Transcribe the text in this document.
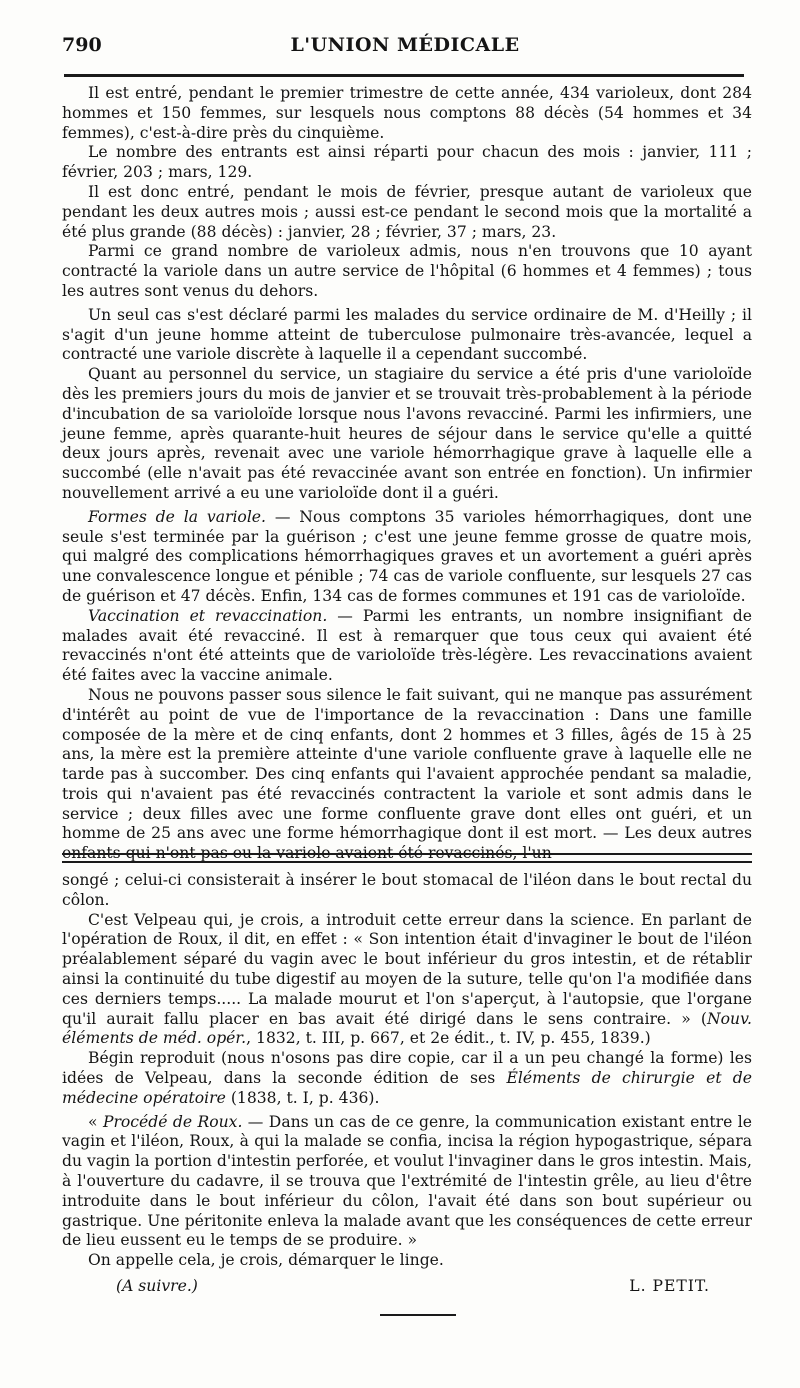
790	L'UNION MÉDICALE

Il est entré, pendant le premier trimestre de cette année, 434 varioleux, dont 284 hommes et 150 femmes, sur lesquels nous comptons 88 décès (54 hommes et 34 femmes), c'est-à-dire près du cinquième.

Le nombre des entrants est ainsi réparti pour chacun des mois : janvier, 111 ; février, 203 ; mars, 129.

Il est donc entré, pendant le mois de février, presque autant de varioleux que pendant les deux autres mois ; aussi est-ce pendant le second mois que la mortalité a été plus grande (88 décès) : janvier, 28 ; février, 37 ; mars, 23.

Parmi ce grand nombre de varioleux admis, nous n'en trouvons que 10 ayant contracté la variole dans un autre service de l'hôpital (6 hommes et 4 femmes) ; tous les autres sont venus du dehors.

Un seul cas s'est déclaré parmi les malades du service ordinaire de M. d'Heilly ; il s'agit d'un jeune homme atteint de tuberculose pulmonaire très-avancée, lequel a contracté une variole discrète à laquelle il a cependant succombé.

Quant au personnel du service, un stagiaire du service a été pris d'une varioloïde dès les premiers jours du mois de janvier et se trouvait très-probablement à la période d'incubation de sa varioloïde lorsque nous l'avons revacciné. Parmi les infirmiers, une jeune femme, après quarante-huit heures de séjour dans le service qu'elle a quitté deux jours après, revenait avec une variole hémorrhagique grave à laquelle elle a succombé (elle n'avait pas été revaccinée avant son entrée en fonction). Un infirmier nouvellement arrivé a eu une varioloïde dont il a guéri.

Formes de la variole. — Nous comptons 35 varioles hémorrhagiques, dont une seule s'est terminée par la guérison ; c'est une jeune femme grosse de quatre mois, qui malgré des complications hémorrhagiques graves et un avortement a guéri après une convalescence longue et pénible ; 74 cas de variole confluente, sur lesquels 27 cas de guérison et 47 décès. Enfin, 134 cas de formes communes et 191 cas de varioloïde.

Vaccination et revaccination. — Parmi les entrants, un nombre insignifiant de malades avait été revacciné. Il est à remarquer que tous ceux qui avaient été revaccinés n'ont été atteints que de varioloïde très-légère. Les revaccinations avaient été faites avec la vaccine animale.

Nous ne pouvons passer sous silence le fait suivant, qui ne manque pas assurément d'intérêt au point de vue de l'importance de la revaccination : Dans une famille composée de la mère et de cinq enfants, dont 2 hommes et 3 filles, âgés de 15 à 25 ans, la mère est la première atteinte d'une variole confluente grave à laquelle elle ne tarde pas à succomber. Des cinq enfants qui l'avaient approchée pendant sa maladie, trois qui n'avaient pas été revaccinés contractent la variole et sont admis dans le service ; deux filles avec une forme confluente grave dont elles ont guéri, et un homme de 25 ans avec une forme hémorrhagique dont il est mort. — Les deux autres enfants qui n'ont pas eu la variole avaient été revaccinés, l'un

songé ; celui-ci consisterait à insérer le bout stomacal de l'iléon dans le bout rectal du côlon.

C'est Velpeau qui, je crois, a introduit cette erreur dans la science. En parlant de l'opération de Roux, il dit, en effet : « Son intention était d'invaginer le bout de l'iléon préalablement séparé du vagin avec le bout inférieur du gros intestin, et de rétablir ainsi la continuité du tube digestif au moyen de la suture, telle qu'on l'a modifiée dans ces derniers temps..... La malade mourut et l'on s'aperçut, à l'autopsie, que l'organe qu'il aurait fallu placer en bas avait été dirigé dans le sens contraire. » (Nouv. éléments de méd. opér., 1832, t. III, p. 667, et 2e édit., t. IV, p. 455, 1839.)

Bégin reproduit (nous n'osons pas dire copie, car il a un peu changé la forme) les idées de Velpeau, dans la seconde édition de ses Éléments de chirurgie et de médecine opératoire (1838, t. I, p. 436).

« Procédé de Roux. — Dans un cas de ce genre, la communication existant entre le vagin et l'iléon, Roux, à qui la malade se confia, incisa la région hypogastrique, sépara du vagin la portion d'intestin perforée, et voulut l'invaginer dans le gros intestin. Mais, à l'ouverture du cadavre, il se trouva que l'extrémité de l'intestin grêle, au lieu d'être introduite dans le bout inférieur du côlon, l'avait été dans son bout supérieur ou gastrique. Une péritonite enleva la malade avant que les conséquences de cette erreur de lieu eussent eu le temps de se produire. »

On appelle cela, je crois, démarquer le linge.

(A suivre.)	L. PETIT.
